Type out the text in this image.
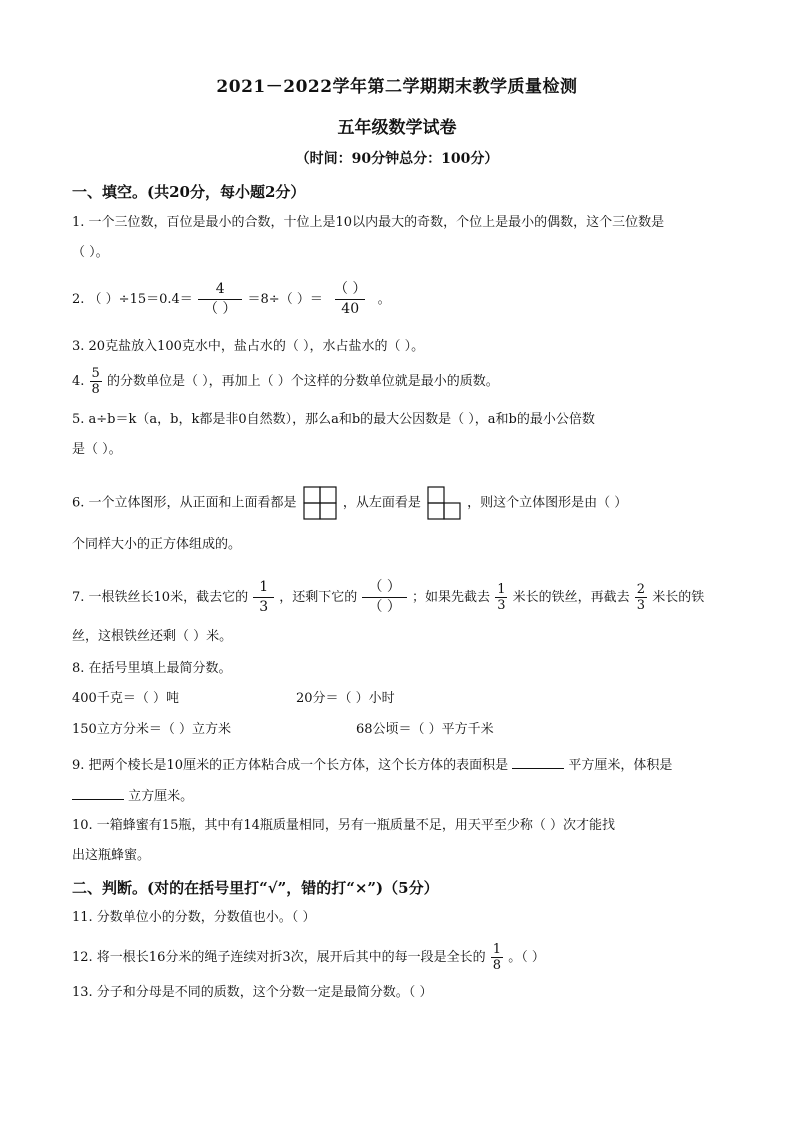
2021－2022学年第二学期期末教学质量检测
五年级数学试卷
（时间：90分钟总分：100分）
一、填空。(共20分，每小题2分）
1. 一个三位数，百位是最小的合数，十位上是10以内最大的奇数，个位上是最小的偶数，这个三位数是
（ ）。
2. （ ）$\div 15=0.4= \frac{4}{( )} =8\div$（ ）＝ $\frac{( )}{40}$ 。
3. 20克盐放入100克水中，盐占水的（ ），水占盐水的（ ）。
4. $\frac{5}{8}$ 的分数单位是（ ），再加上（ ）个这样的分数单位就是最小的质数。
5. a÷b＝k（a，b，k都是非0自然数），那么a和b的最大公因数是（ ），a和b的最小公倍数
是（ ）。
6. 一个立体图形，从正面和上面看都是	，从左面看是	，则这个立体图形是由（ ）
个同样大小的正方体组成的。
7. 一根铁丝长10米，截去它的 $\frac{1}{3}$ ，还剩下它的 $\frac{( )}{( )}$ ；如果先截去 $\frac{1}{3}$ 米长的铁丝，再截去 $\frac{2}{3}$ 米长的铁
丝，这根铁丝还剩（ ）米。
8. 在括号里填上最简分数。
400千克＝（ ）吨	20分＝（ ）小时
150立方分米＝（ ）立方米	68公顷＝（ ）平方千米
9. 把两个棱长是10厘米的正方体粘合成一个长方体，这个长方体的表面积是	平方厘米，体积是
立方厘米。
10. 一箱蜂蜜有15瓶，其中有14瓶质量相同，另有一瓶质量不足，用天平至少称（ ）次才能找
出这瓶蜂蜜。
二、判断。(对的在括号里打“√”，错的打“×”)（5分）
11. 分数单位小的分数，分数值也小。（ ）
12. 将一根长16分米的绳子连续对折3次，展开后其中的每一段是全长的 $\frac{1}{8}$ 。（ ）
13. 分子和分母是不同的质数，这个分数一定是最简分数。（ ）
